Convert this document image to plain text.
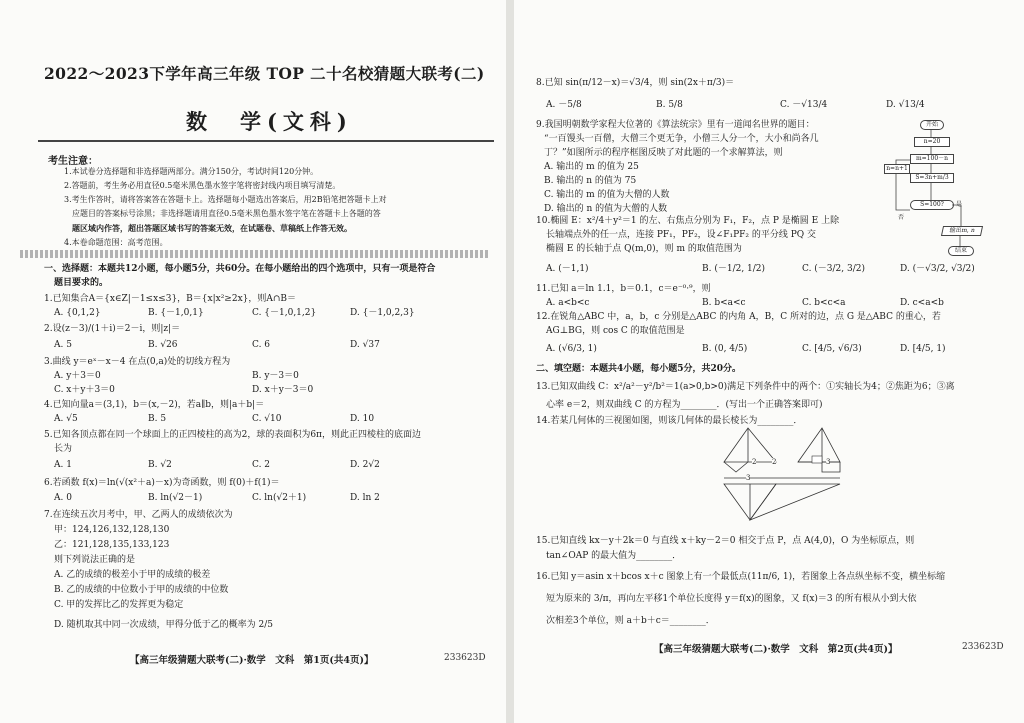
2022～2023下学年高三年级 TOP 二十名校猜题大联考(二)
数　学(文科)
考生注意：
1.本试卷分选择题和非选择题两部分。满分150分，考试时间120分钟。
2.答题前，考生务必用直径0.5毫米黑色墨水签字笔将密封线内项目填写清楚。
3.考生作答时，请将答案答在答题卡上。选择题每小题选出答案后，用2B铅笔把答题卡上对
应题目的答案标号涂黑；非选择题请用直径0.5毫米黑色墨水签字笔在答题卡上各题的答
题区域内作答，超出答题区域书写的答案无效，在试题卷、草稿纸上作答无效。
4.本卷命题范围：高考范围。
一、选择题：本题共12小题，每小题5分，共60分。在每小题给出的四个选项中，只有一项是符合
题目要求的。
1.已知集合A＝{x∈Z|－1≤x≤3}，B＝{x|x²≥2x}，则A∩B＝
A. {0,1,2}	B. {－1,0,1}	C. {－1,0,1,2}	D. {－1,0,2,3}
2.设(z－3)/(1＋i)＝2－i，则|z|＝
A. 5	B. √26	C. 6	D. √37
3.曲线 y＝eˣ－x－4 在点(0,a)处的切线方程为
A. y＋3＝0	B. y－3＝0
C. x＋y＋3＝0	D. x＋y－3＝0
4.已知向量a＝(3,1)，b＝(x,－2)，若a∥b，则|a＋b|＝
A. √5	B. 5	C. √10	D. 10
5.已知各顶点都在同一个球面上的正四棱柱的高为2，球的表面积为6π，则此正四棱柱的底面边
长为
A. 1	B. √2	C. 2	D. 2√2
6.若函数 f(x)＝ln(√(x²＋a)－x)为奇函数，则 f(0)＋f(1)＝
A. 0	B. ln(√2－1)	C. ln(√2＋1)	D. ln 2
7.在连续五次月考中，甲、乙两人的成绩依次为
甲：124,126,132,128,130
乙：121,128,135,133,123
则下列说法正确的是
A. 乙的成绩的极差小于甲的成绩的极差
B. 乙的成绩的中位数小于甲的成绩的中位数
C. 甲的发挥比乙的发挥更为稳定
D. 随机取其中同一次成绩，甲得分低于乙的概率为 2/5
【高三年级猜题大联考(二)·数学　文科　第1页(共4页)】	233623D
8.已知 sin(π/12－x)＝√3/4，则 sin(2x＋π/3)＝
A. －5/8	B. 5/8	C. －√13/4	D. √13/4
9.我国明朝数学家程大位著的《算法统宗》里有一道闻名世界的题目：
“一百馒头一百僧，大僧三个更无争，小僧三人分一个，大小和尚各几
丁？”如图所示的程序框图反映了对此题的一个求解算法，则
A. 输出的 m 的值为 25
B. 输出的 n 的值为 75
C. 输出的 m 的值为大僧的人数
D. 输出的 n 的值为大僧的人数
开始
n=20
m=100－n
S=3n+m/3
n=n+1
S=100?
否
是
输出m, n
结束
10.椭圆 E：x²/4＋y²＝1 的左、右焦点分别为 F₁，F₂，点 P 是椭圆 E 上除
长轴端点外的任一点，连接 PF₁，PF₂，设∠F₁PF₂ 的平分线 PQ 交
椭圆 E 的长轴于点 Q(m,0)，则 m 的取值范围为
A. (－1,1)	B. (－1/2, 1/2)	C. (－3/2, 3/2)	D. (－√3/2, √3/2)
11.已知 a＝ln 1.1，b＝0.1，c＝e⁻⁰·⁹，则
A. a<b<c	B. b<a<c	C. b<c<a	D. c<a<b
12.在锐角△ABC 中，a，b，c 分别是△ABC 的内角 A，B，C 所对的边，点 G 是△ABC 的重心，若
AG⊥BG，则 cos C 的取值范围是
A. (√6/3, 1)	B. (0, 4/5)	C. [4/5, √6/3)	D. [4/5, 1)
二、填空题：本题共4小题，每小题5分，共20分。
13.已知双曲线 C：x²/a²－y²/b²＝1(a>0,b>0)满足下列条件中的两个：①实轴长为4；②焦距为6；③离
心率 e＝2，则双曲线 C 的方程为________．(写出一个正确答案即可)
14.若某几何体的三视图如图，则该几何体的最长棱长为________．
2 2	3
3
15.已知直线 kx－y＋2k＝0 与直线 x＋ky－2＝0 相交于点 P，点 A(4,0)，O 为坐标原点，则
tan∠OAP 的最大值为________．
16.已知 y＝asin x＋bcos x＋c 图象上有一个最低点(11π/6, 1)，若图象上各点纵坐标不变，横坐标缩
短为原来的 3/π，再向左平移1个单位长度得 y＝f(x)的图象，又 f(x)＝3 的所有根从小到大依
次相差3个单位，则 a＋b＋c＝________．
【高三年级猜题大联考(二)·数学　文科　第2页(共4页)】	233623D
